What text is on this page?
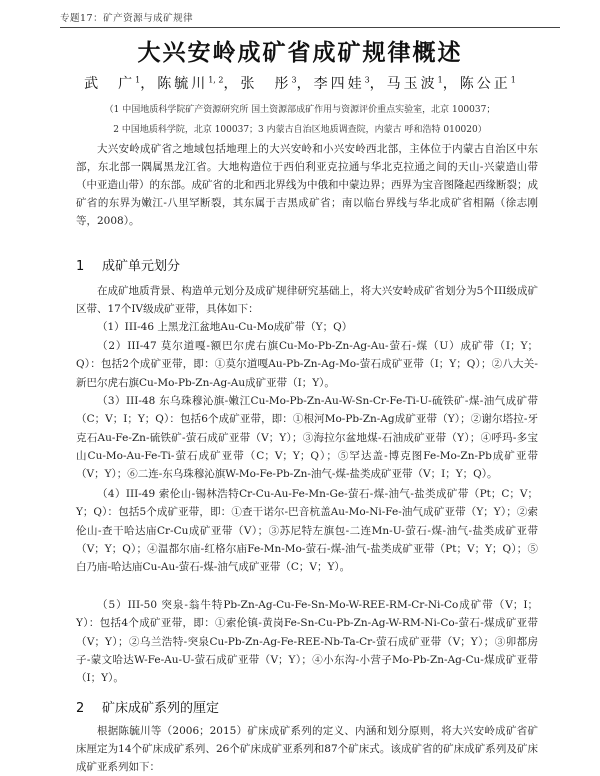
专题17：矿产资源与成矿规律
大兴安岭成矿省成矿规律概述
武　广$^1$，陈毓川$^{1, 2}$，张　彤$^3$，李四娃$^3$，马玉波$^1$，陈公正$^1$
（1 中国地质科学院矿产资源研究所 国土资源部成矿作用与资源评价重点实验室，北京 100037；
2 中国地质科学院，北京 100037；3 内蒙古自治区地质调查院，内蒙古 呼和浩特 010020）

大兴安岭成矿省之地域包括地理上的大兴安岭和小兴安岭西北部，主体位于内蒙古自治区中东部，东北部一隅属黑龙江省。大地构造位于西伯利亚克拉通与华北克拉通之间的天山-兴蒙造山带（中亚造山带）的东部。成矿省的北和西北界线为中俄和中蒙边界；西界为宝音图隆起西缘断裂；成矿省的东界为嫩江-八里罕断裂，其东属于吉黑成矿省；南以临台界线与华北成矿省相隔（徐志刚等，2008）。

1 成矿单元划分

在成矿地质背景、构造单元划分及成矿规律研究基础上，将大兴安岭成矿省划分为5个III级成矿区带、17个IV级成矿亚带，具体如下：

（1）III-46 上黑龙江盆地Au-Cu-Mo成矿带（Y；Q）

（2）III-47 莫尔道嘎-额巴尔虎右旗Cu-Mo-Pb-Zn-Ag-Au-萤石-煤（U）成矿带（I；Y；Q）：包括2个成矿亚带，即：①莫尔道嘎Au-Pb-Zn-Ag-Mo-萤石成矿亚带（I；Y；Q）；②八大关-新巴尔虎右旗Cu-Mo-Pb-Zn-Ag-Au成矿亚带（I；Y）。

（3）III-48 东乌珠穆沁旗-嫩江Cu-Mo-Pb-Zn-Au-W-Sn-Cr-Fe-Ti-U-硫铁矿-煤-油气成矿带（C；V；I；Y；Q）：包括6个成矿亚带，即：①根河Mo-Pb-Zn-Ag成矿亚带（Y）；②谢尔塔拉-牙克石Au-Fe-Zn-硫铁矿-萤石成矿亚带（V；Y）；③海拉尔盆地煤-石油成矿亚带（Y）；④呼玛-多宝山Cu-Mo-Au-Fe-Ti-萤石成矿亚带（C；V；Y；Q）；⑤罕达盖-博克图Fe-Mo-Zn-Pb成矿亚带（V；Y）；⑥二连-东乌珠穆沁旗W-Mo-Fe-Pb-Zn-油气-煤-盐类成矿亚带（V；I；Y；Q）。

（4）III-49 索伦山-锡林浩特Cr-Cu-Au-Fe-Mn-Ge-萤石-煤-油气-盐类成矿带（Pt；C；V；Y；Q）：包括5个成矿亚带，即：①查干诺尔-巴音杭盖Au-Mo-Ni-Fe-油气成矿亚带（Y；Y）；②索伦山-查干哈达庙Cr-Cu成矿亚带（V）；③苏尼特左旗包-二连Mn-U-萤石-煤-油气-盐类成矿亚带（V；Y；Q）；④温都尔庙-红格尔庙Fe-Mn-Mo-萤石-煤-油气-盐类成矿亚带（Pt；V；Y；Q）；⑤白乃庙-哈达庙Cu-Au-萤石-煤-油气成矿亚带（C；V；Y）。

（5）III-50 突泉-翁牛特Pb-Zn-Ag-Cu-Fe-Sn-Mo-W-REE-RM-Cr-Ni-Co成矿带（V；I；Y）：包括4个成矿亚带，即：①索伦镇-黄岗Fe-Sn-Cu-Pb-Zn-Ag-W-RM-Ni-Co-萤石-煤成矿亚带（V；Y）；②乌兰浩特-突泉Cu-Pb-Zn-Ag-Fe-REE-Nb-Ta-Cr-萤石成矿亚带（V；Y）；③卯都房子-蒙文哈达W-Fe-Au-U-萤石成矿亚带（V；Y）；④小东沟-小营子Mo-Pb-Zn-Ag-Cu-煤成矿亚带（I；Y）。

2 矿床成矿系列的厘定

根据陈毓川等（2006；2015）矿床成矿系列的定义、内涵和划分原则，将大兴安岭成矿省矿床厘定为14个矿床成矿系列、26个矿床成矿亚系列和87个矿床式。该成矿省的矿床成矿系列及矿床成矿亚系列如下：
